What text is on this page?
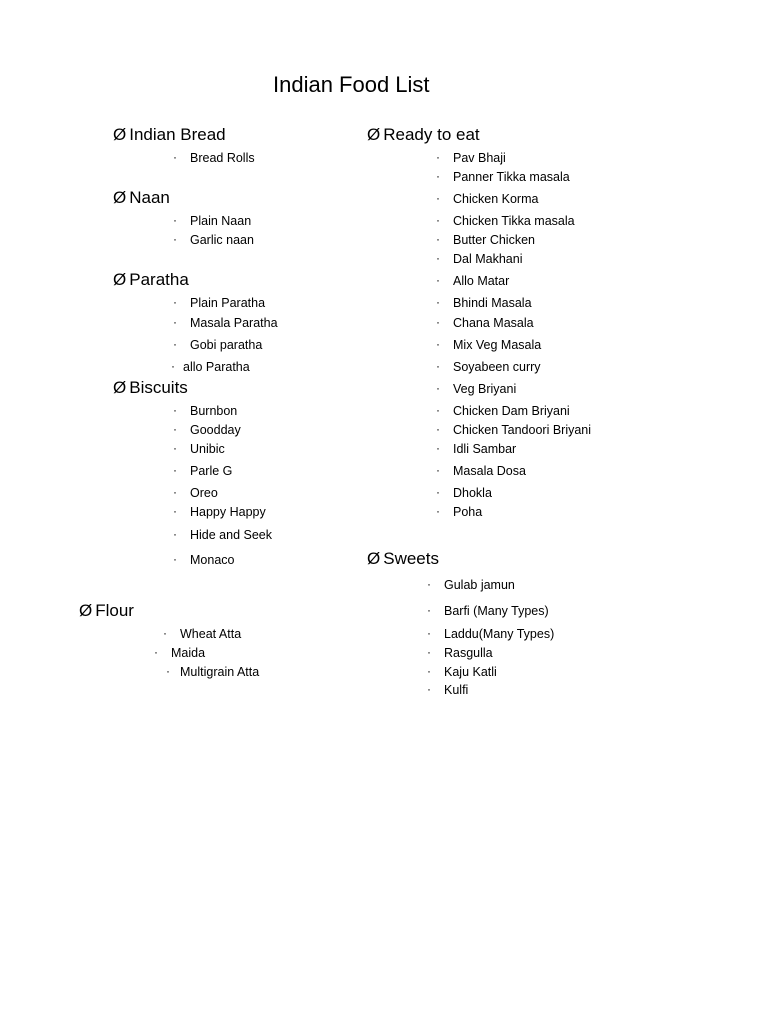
Indian Food List
Ø Indian Bread
· Bread Rolls
Ø Naan
· Plain Naan
· Garlic naan
Ø Paratha
· Plain Paratha
· Masala Paratha
· Gobi paratha
· allo Paratha
Ø Biscuits
· Burnbon
· Goodday
· Unibic
· Parle G
· Oreo
· Happy Happy
· Hide and Seek
· Monaco
Ø Flour
· Wheat Atta
· Maida
· Multigrain Atta
Ø Ready to eat
· Pav Bhaji
· Panner Tikka masala
· Chicken Korma
· Chicken Tikka masala
· Butter Chicken
· Dal Makhani
· Allo Matar
· Bhindi Masala
· Chana Masala
· Mix Veg Masala
· Soyabeen curry
· Veg Briyani
· Chicken Dam Briyani
· Chicken Tandoori Briyani
· Idli Sambar
· Masala Dosa
· Dhokla
· Poha
Ø Sweets
· Gulab jamun
· Barfi (Many Types)
· Laddu(Many Types)
· Rasgulla
· Kaju Katli
· Kulfi
